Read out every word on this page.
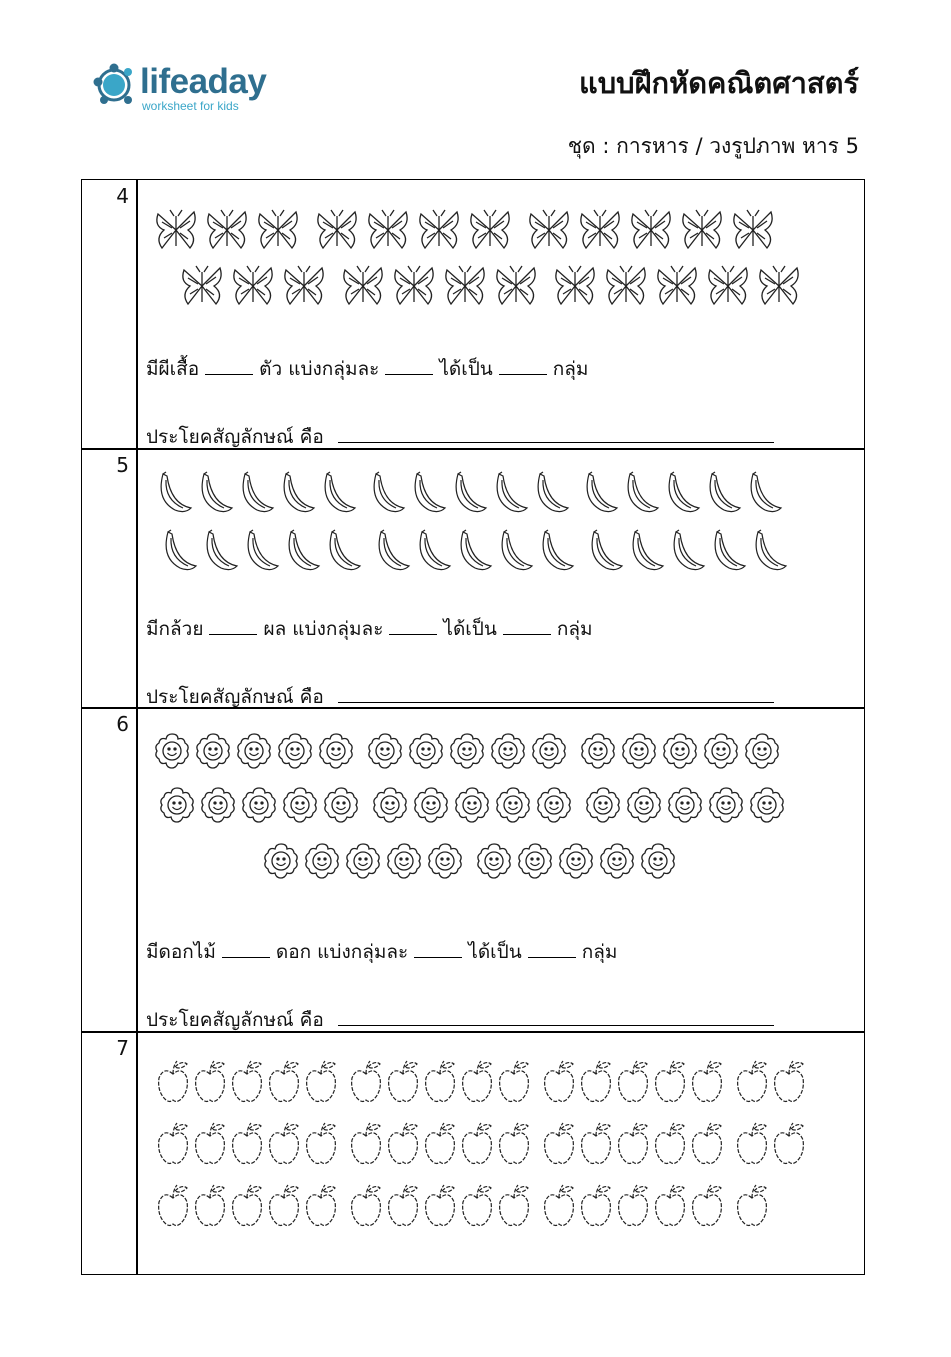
lifeaday
worksheet for kids
แบบฝึกหัดคณิตศาสตร์
ชุด : การหาร / วงรูปภาพ หาร 5
4
5
6
7
มีผีเสื้อ	ตัว แบ่งกลุ่มละ	ได้เป็น	กลุ่ม
ประโยคสัญลักษณ์ คือ
มีกล้วย	ผล แบ่งกลุ่มละ	ได้เป็น	กลุ่ม
ประโยคสัญลักษณ์ คือ
มีดอกไม้	ดอก แบ่งกลุ่มละ	ได้เป็น	กลุ่ม
ประโยคสัญลักษณ์ คือ
